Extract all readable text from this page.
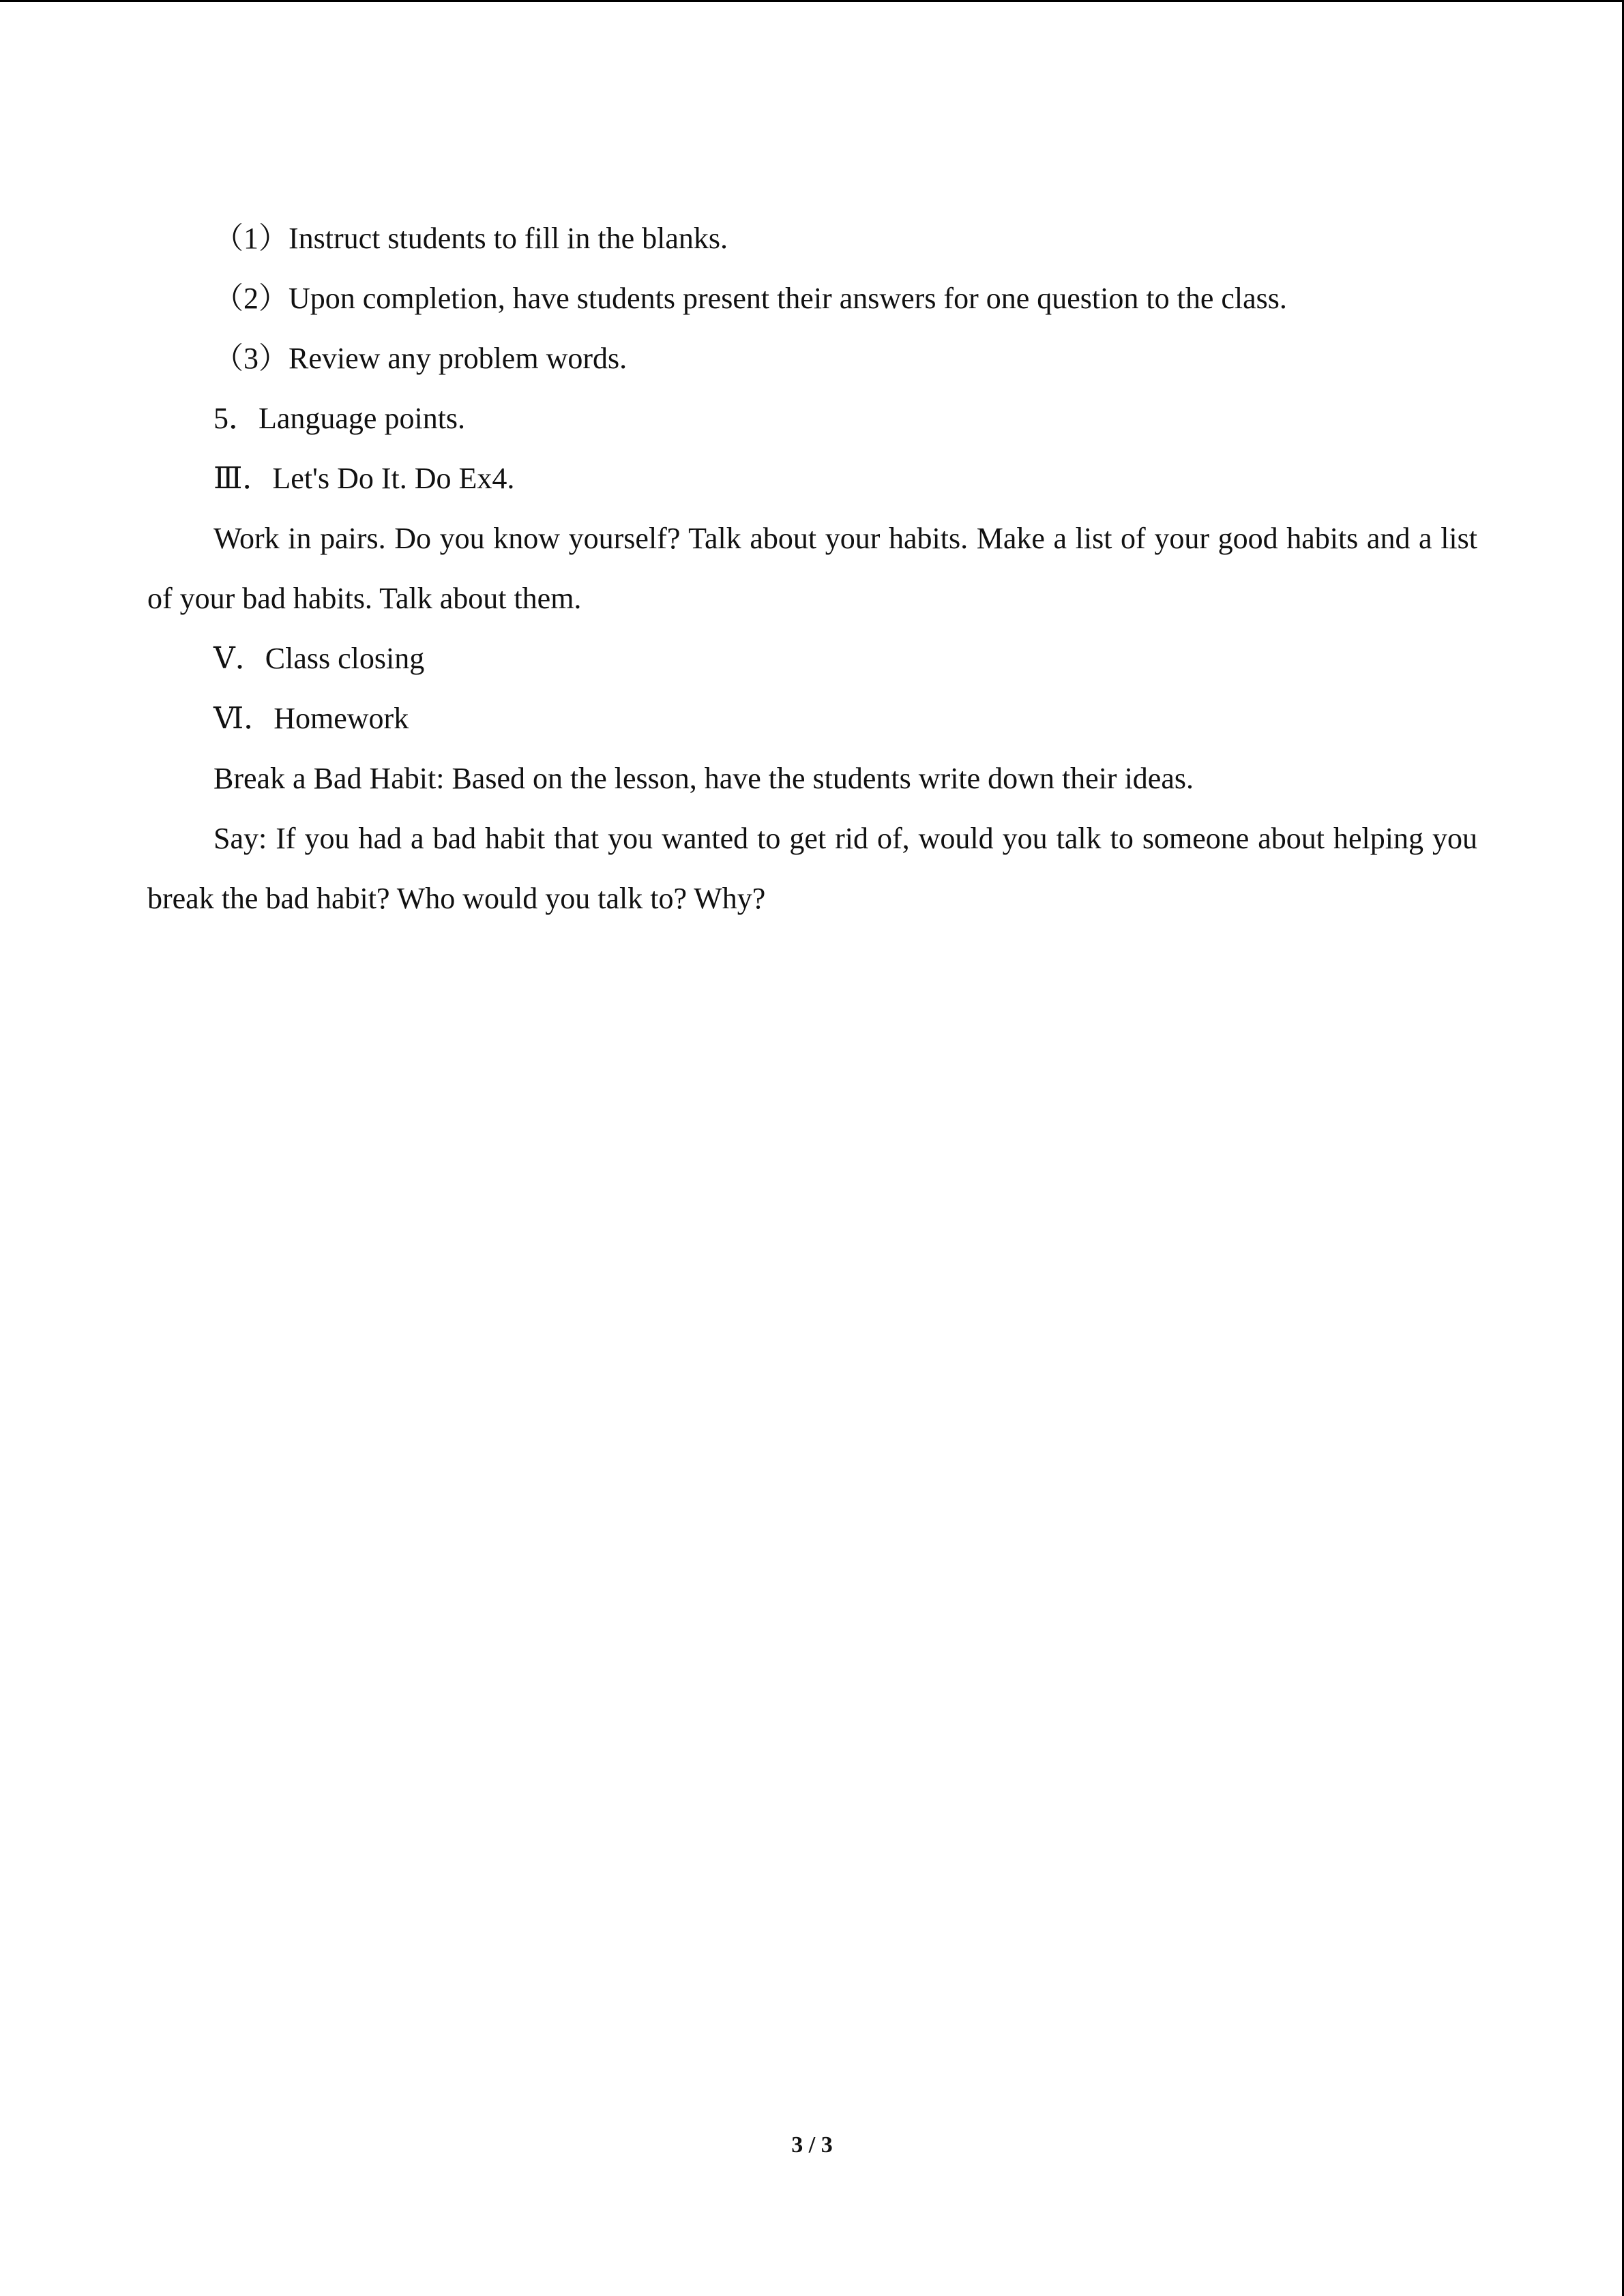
（1）Instruct students to fill in the blanks.

（2）Upon completion, have students present their answers for one question to the class.

（3）Review any problem words.

5．Language points.

Ⅲ．Let's Do It. Do Ex4.

Work in pairs. Do you know yourself? Talk about your habits. Make a list of your good habits and a list of your bad habits. Talk about them.

Ⅴ．Class closing

Ⅵ．Homework

Break a Bad Habit: Based on the lesson, have the students write down their ideas.

Say: If you had a bad habit that you wanted to get rid of, would you talk to someone about helping you break the bad habit? Who would you talk to? Why?

3 / 3
